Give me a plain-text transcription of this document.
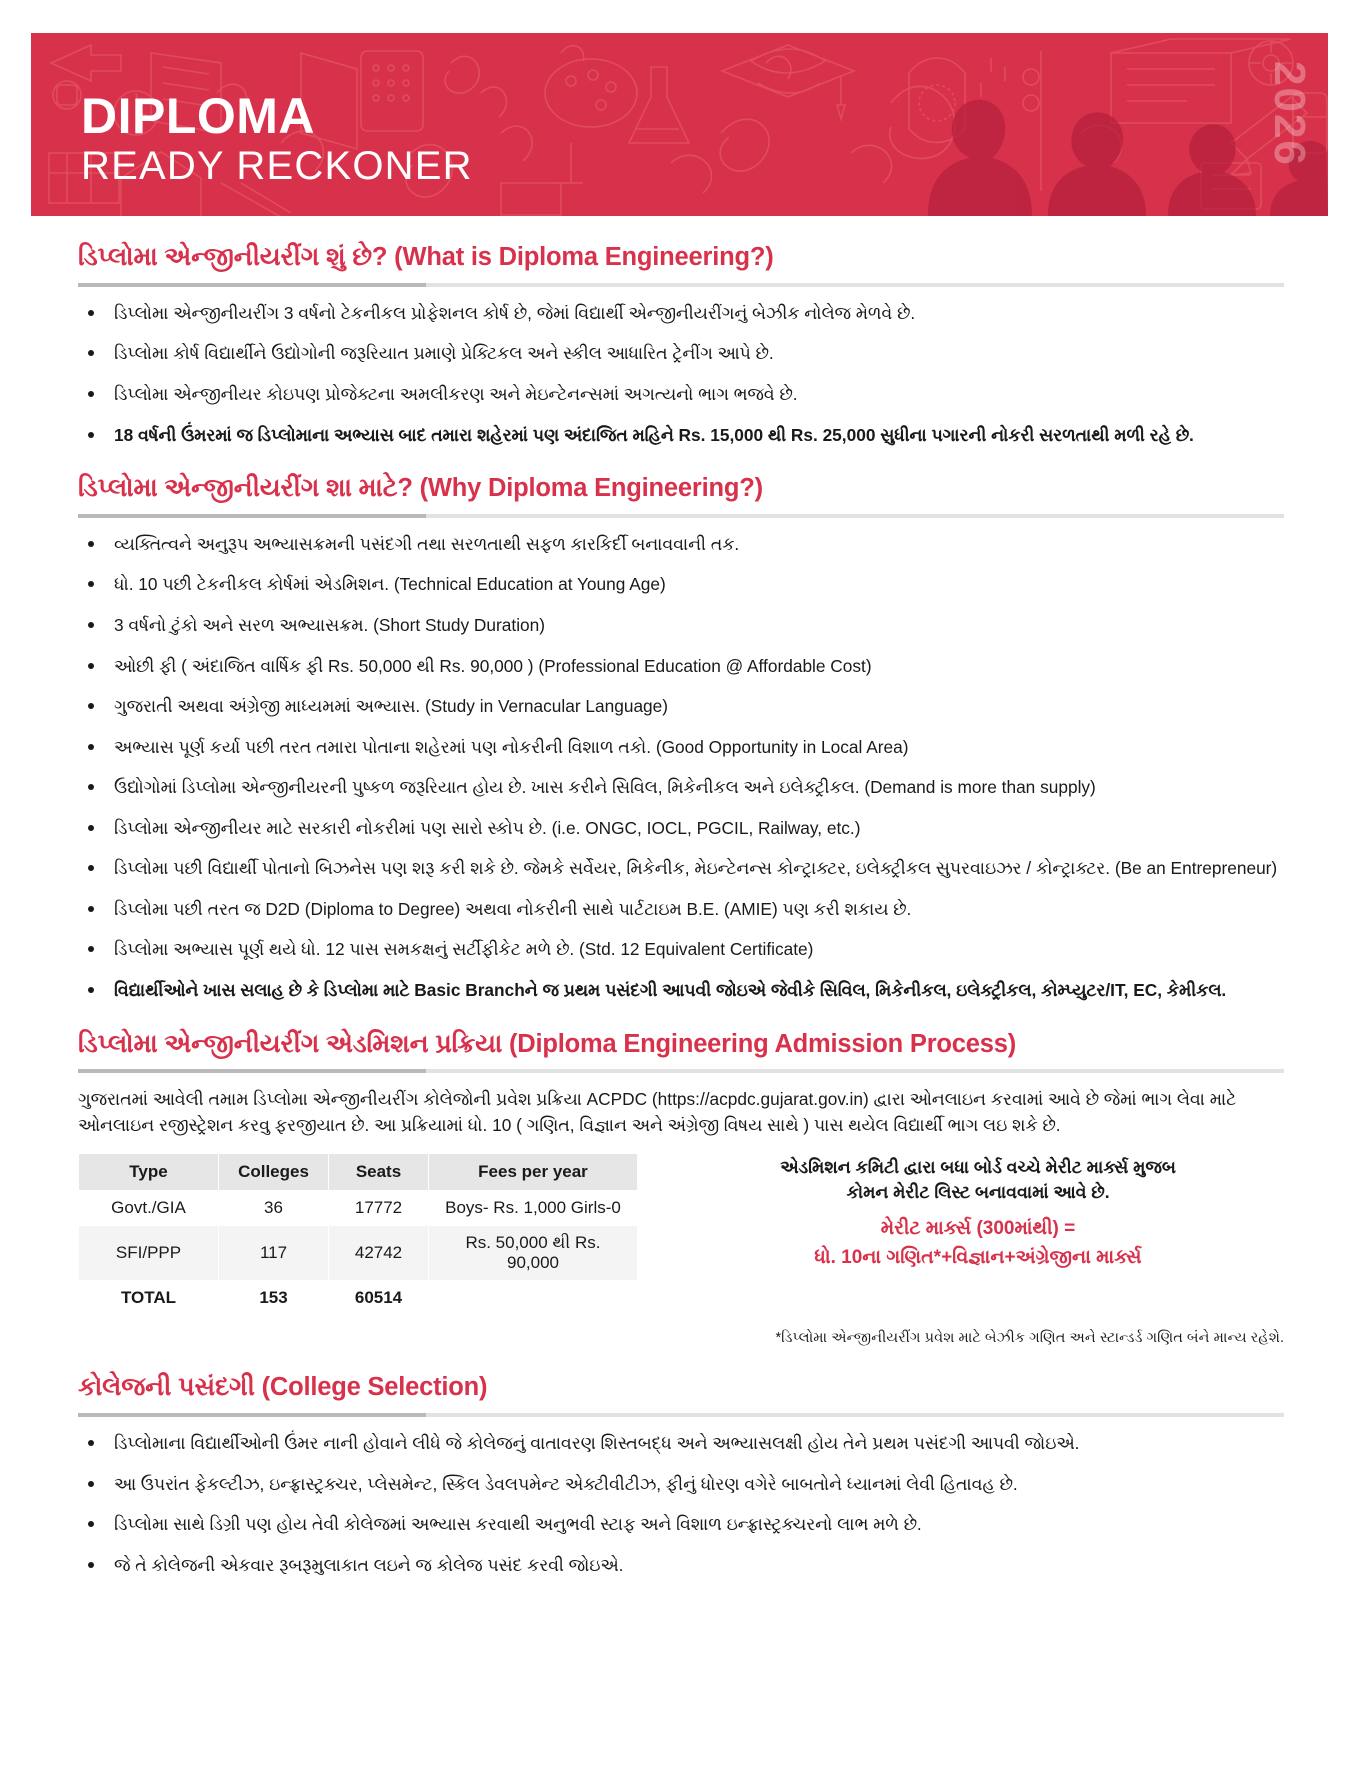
2026
DIPLOMA
READY RECKONER
ડિપ્લોમા એન્જીનીયરીંગ શું છે? (What is Diploma Engineering?)
ડિપ્લોમા એન્જીનીયરીંગ 3 વર્ષનો ટેકનીકલ પ્રોફેશનલ કોર્ષ છે, જેમાં વિદ્યાર્થી એન્જીનીયરીંગનું બેઝીક નોલેજ મેળવે છે.
ડિપ્લોમા કોર્ષ વિદ્યાર્થીને ઉદ્યોગોની જરૂરિયાત પ્રમાણે પ્રેક્ટિકલ અને સ્કીલ આધારિત ટ્રેનીંગ આપે છે.
ડિપ્લોમા એન્જીનીયર કોઇપણ પ્રોજેક્ટના અમલીકરણ અને મેઇન્ટેનન્સમાં અગત્યનો ભાગ ભજવે છે.
18 વર્ષની ઉંમરમાં જ ડિપ્લોમાના અભ્યાસ બાદ તમારા શહેરમાં પણ અંદાજિત મહિને Rs. 15,000 થી Rs. 25,000 સુધીના પગારની નોકરી સરળતાથી મળી રહે છે.
ડિપ્લોમા એન્જીનીયરીંગ શા માટે? (Why Diploma Engineering?)
વ્યક્તિત્વને અનુરૂપ અભ્યાસક્રમની પસંદગી તથા સરળતાથી સફળ કારકિર્દી બનાવવાની તક.
ધો. 10 પછી ટેકનીકલ કોર્ષમાં એડમિશન. (Technical Education at Young Age)
3 વર્ષનો ટુંકો અને સરળ અભ્યાસક્રમ. (Short Study Duration)
ઓછી ફી ( અંદાજિત વાર્ષિક ફી Rs. 50,000 થી Rs. 90,000 ) (Professional Education @ Affordable Cost)
ગુજરાતી અથવા અંગ્રેજી માધ્યમમાં અભ્યાસ. (Study in Vernacular Language)
અભ્યાસ પૂર્ણ કર્યા પછી તરત તમારા પોતાના શહેરમાં પણ નોકરીની વિશાળ તકો. (Good Opportunity in Local Area)
ઉદ્યોગોમાં ડિપ્લોમા એન્જીનીયરની પુષ્કળ જરૂરિયાત હોય છે. ખાસ કરીને સિવિલ, મિકેનીકલ અને ઇલેક્ટ્રીકલ. (Demand is more than supply)
ડિપ્લોમા એન્જીનીયર માટે સરકારી નોકરીમાં પણ સારો સ્કોપ છે. (i.e. ONGC, IOCL, PGCIL, Railway, etc.)
ડિપ્લોમા પછી વિદ્યાર્થી પોતાનો બિઝનેસ પણ શરૂ કરી શકે છે. જેમકે સર્વેયર, મિકેનીક, મેઇન્ટેનન્સ કોન્ટ્રાક્ટર, ઇલેક્ટ્રીકલ સુપરવાઇઝર / કોન્ટ્રાક્ટર. (Be an Entrepreneur)
ડિપ્લોમા પછી તરત જ D2D (Diploma to Degree) અથવા નોકરીની સાથે પાર્ટટાઇમ B.E. (AMIE) પણ કરી શકાય છે.
ડિપ્લોમા અભ્યાસ પૂર્ણ થયે ધો. 12 પાસ સમકક્ષનું સર્ટીફીકેટ મળે છે. (Std. 12 Equivalent Certificate)
વિદ્યાર્થીઓને ખાસ સલાહ છે કે ડિપ્લોમા માટે Basic Branchને જ પ્રથમ પસંદગી આપવી જોઇએ જેવીકે સિવિલ, મિકેનીકલ, ઇલેક્ટ્રીકલ, કોમ્પ્યુટર/IT, EC, કેમીકલ.
ડિપ્લોમા એન્જીનીયરીંગ એડમિશન પ્રક્રિયા (Diploma Engineering Admission Process)

ગુજરાતમાં આવેલી તમામ ડિપ્લોમા એન્જીનીયરીંગ કોલેજોની પ્રવેશ પ્રક્રિયા ACPDC (https://acpdc.gujarat.gov.in) દ્વારા ઓનલાઇન કરવામાં આવે છે જેમાં ભાગ લેવા માટે ઓનલાઇન રજીસ્ટ્રેશન કરવુ ફરજીયાત છે. આ પ્રક્રિયામાં ધો. 10 ( ગણિત, વિજ્ઞાન અને અંગ્રેજી વિષય સાથે ) પાસ થયેલ વિદ્યાર્થી ભાગ લઇ શકે છે.

Type	Colleges	Seats	Fees per year
Govt./GIA	36	17772	Boys- Rs. 1,000 Girls-0
SFI/PPP	117	42742	Rs. 50,000 થી Rs. 90,000
TOTAL	153	60514	
એડમિશન કમિટી દ્વારા બધા બોર્ડ વચ્ચે મેરીટ માર્ક્સ મુજબ
કોમન મેરીટ લિસ્ટ બનાવવામાં આવે છે.
મેરીટ માર્ક્સ (300માંથી) =
ધો. 10ના ગણિત*+વિજ્ઞાન+અંગ્રેજીના માર્ક્સ
*ડિપ્લોમા એન્જીનીયરીંગ પ્રવેશ માટે બેઝીક ગણિત અને સ્ટાન્ડર્ડ ગણિત બંને માન્ય રહેશે.
કોલેજની પસંદગી (College Selection)
ડિપ્લોમાના વિદ્યાર્થીઓની ઉંમર નાની હોવાને લીધે જે કોલેજનું વાતાવરણ શિસ્તબદ્ધ અને અભ્યાસલક્ષી હોય તેને પ્રથમ પસંદગી આપવી જોઇએ.
આ ઉપરાંત ફેકલ્ટીઝ, ઇન્ફ્રાસ્ટ્રક્ચર, પ્લેસમેન્ટ, સ્કિલ ડેવલપમેન્ટ એક્ટીવીટીઝ, ફીનું ધોરણ વગેરે બાબતોને ધ્યાનમાં લેવી હિતાવહ છે.
ડિપ્લોમા સાથે ડિગ્રી પણ હોય તેવી કોલેજમાં અભ્યાસ કરવાથી અનુભવી સ્ટાફ અને વિશાળ ઇન્ફ્રાસ્ટ્રક્ચરનો લાભ મળે છે.
જે તે કોલેજની એકવાર રૂબરૂમુલાકાત લઇને જ કોલેજ પસંદ કરવી જોઇએ.
